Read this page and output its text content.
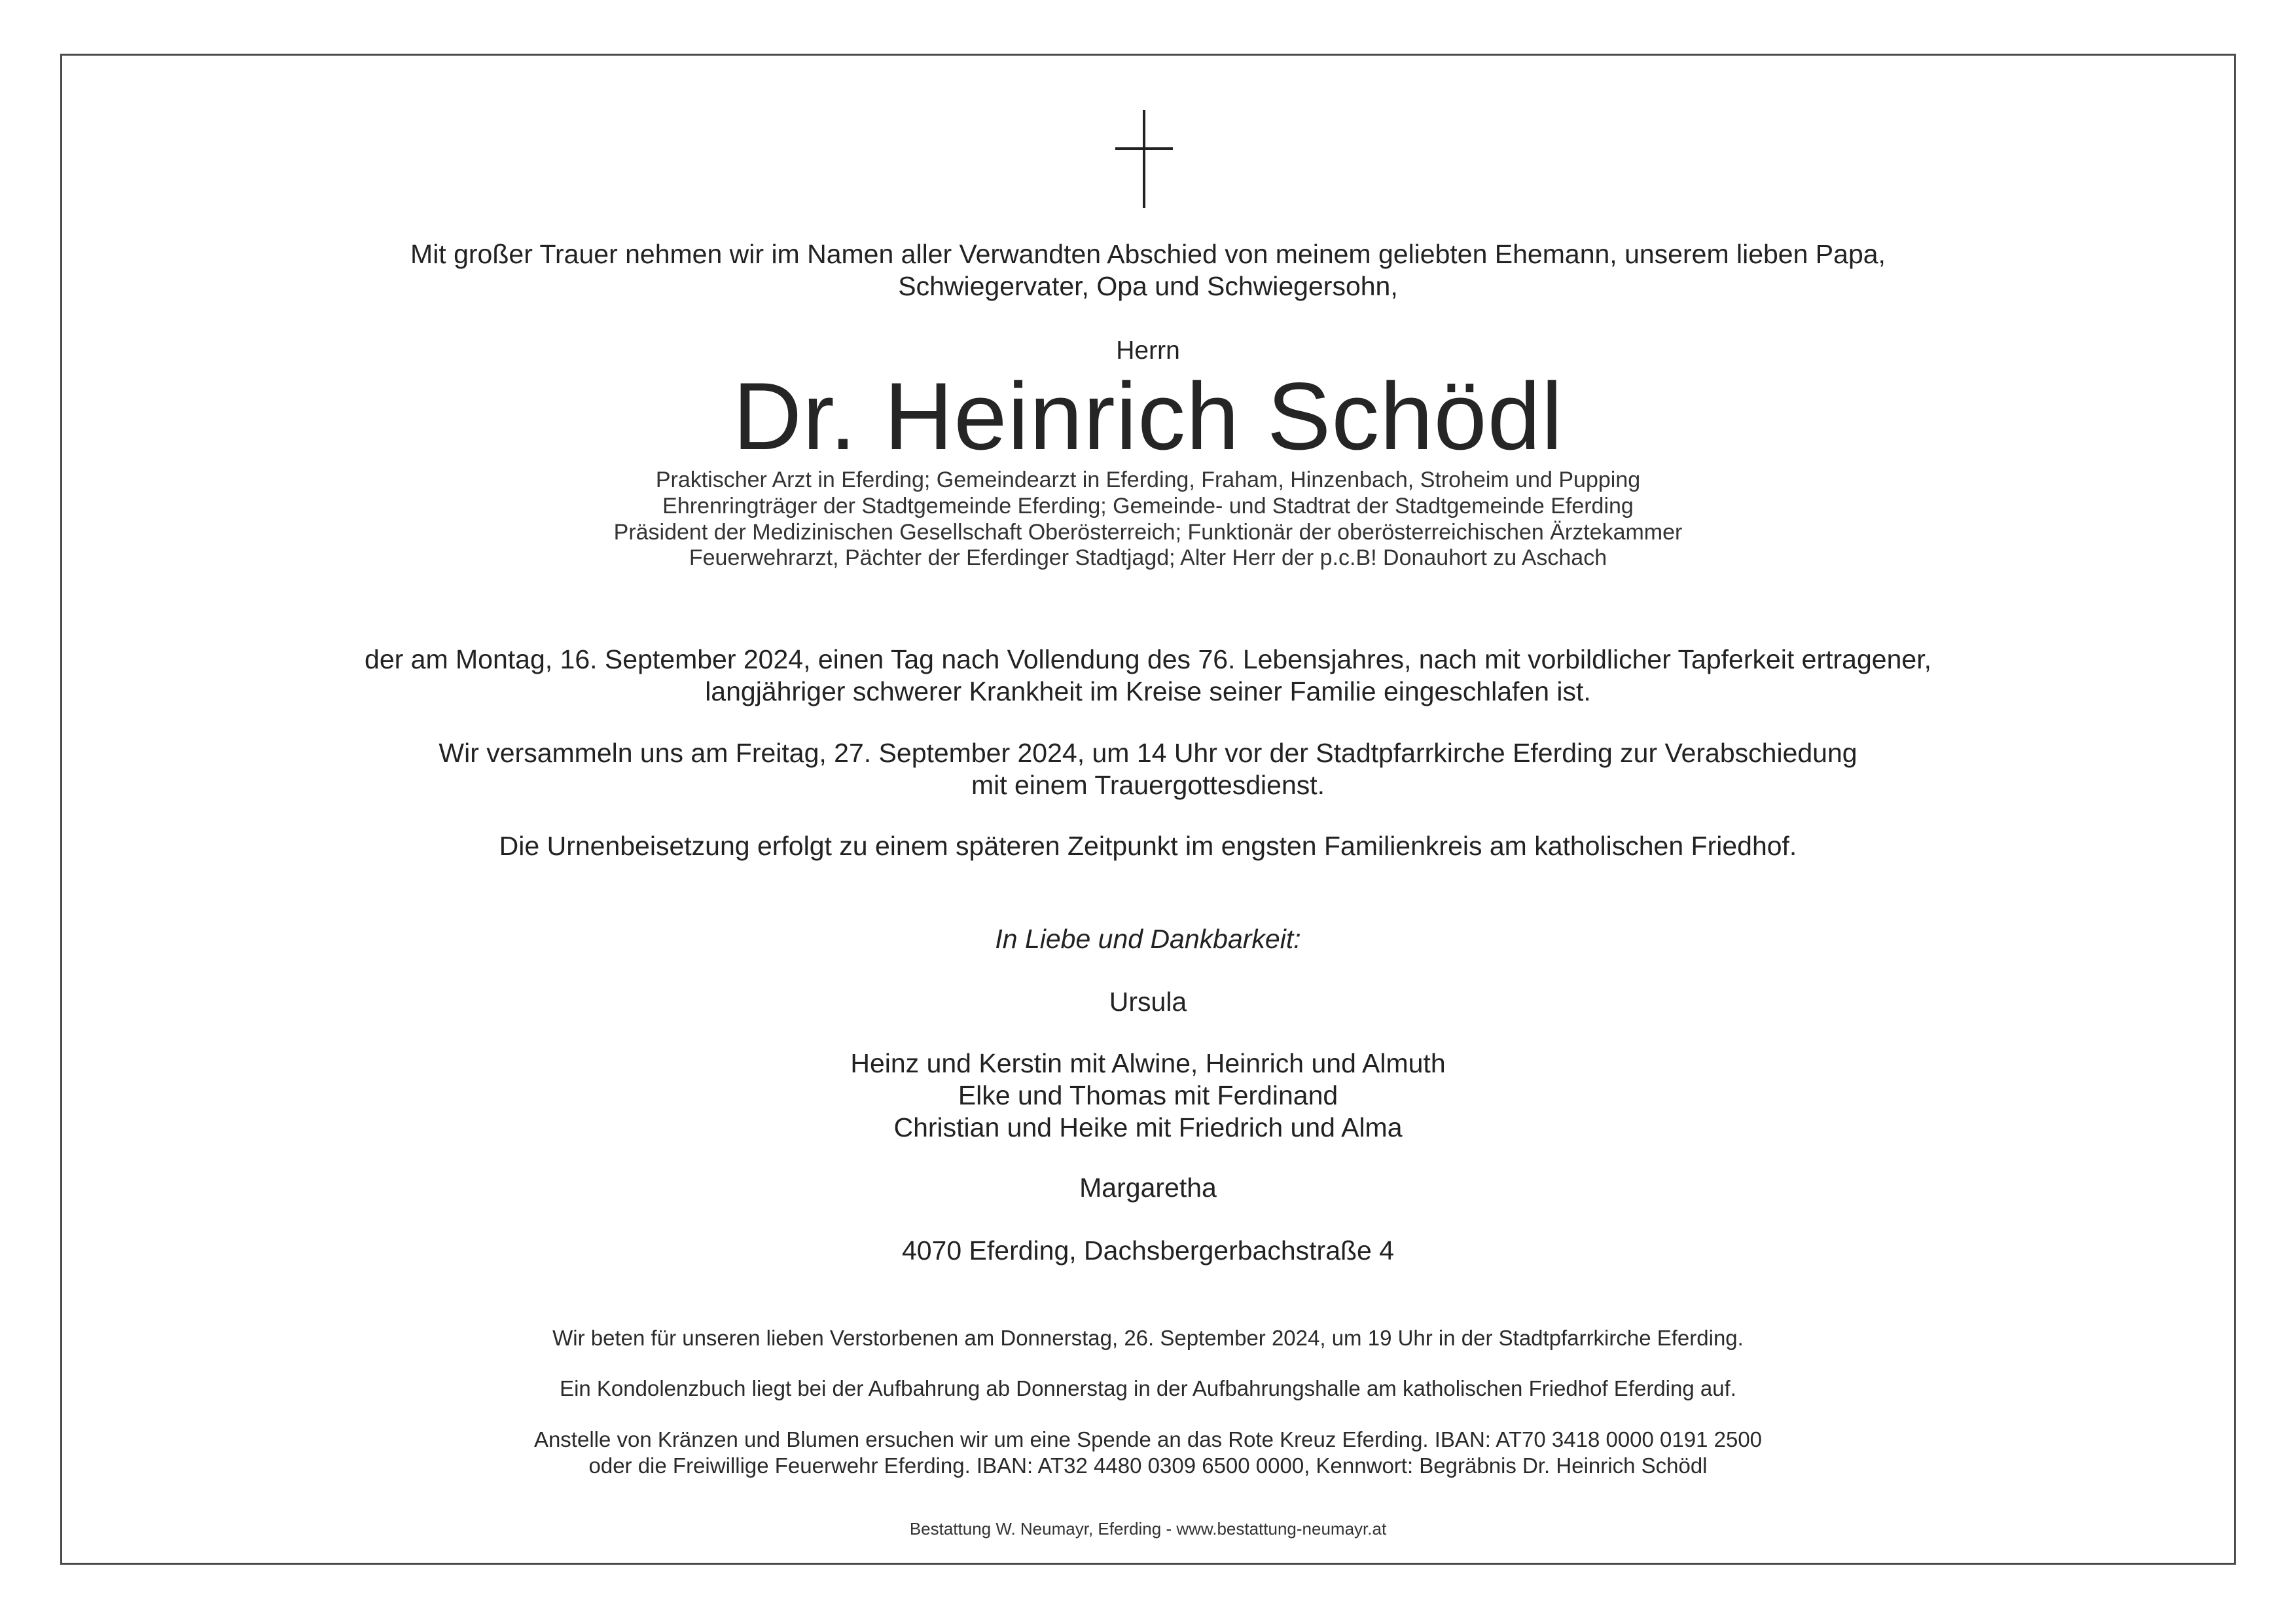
Mit großer Trauer nehmen wir im Namen aller Verwandten Abschied von meinem geliebten Ehemann, unserem lieben Papa,
Schwiegervater, Opa und Schwiegersohn,
Herrn
Dr. Heinrich Schödl
Praktischer Arzt in Eferding; Gemeindearzt in Eferding, Fraham, Hinzenbach, Stroheim und Pupping
Ehrenringträger der Stadtgemeinde Eferding; Gemeinde- und Stadtrat der Stadtgemeinde Eferding
Präsident der Medizinischen Gesellschaft Oberösterreich; Funktionär der oberösterreichischen Ärztekammer
Feuerwehrarzt, Pächter der Eferdinger Stadtjagd; Alter Herr der p.c.B! Donauhort zu Aschach
der am Montag, 16. September 2024, einen Tag nach Vollendung des 76. Lebensjahres, nach mit vorbildlicher Tapferkeit ertragener,
langjähriger schwerer Krankheit im Kreise seiner Familie eingeschlafen ist.
Wir versammeln uns am Freitag, 27. September 2024, um 14 Uhr vor der Stadtpfarrkirche Eferding zur Verabschiedung
mit einem Trauergottesdienst.
Die Urnenbeisetzung erfolgt zu einem späteren Zeitpunkt im engsten Familienkreis am katholischen Friedhof.
In Liebe und Dankbarkeit:
Ursula
Heinz und Kerstin mit Alwine, Heinrich und Almuth
Elke und Thomas mit Ferdinand
Christian und Heike mit Friedrich und Alma
Margaretha
4070 Eferding, Dachsbergerbachstraße 4
Wir beten für unseren lieben Verstorbenen am Donnerstag, 26. September 2024, um 19 Uhr in der Stadtpfarrkirche Eferding.
Ein Kondolenzbuch liegt bei der Aufbahrung ab Donnerstag in der Aufbahrungshalle am katholischen Friedhof Eferding auf.
Anstelle von Kränzen und Blumen ersuchen wir um eine Spende an das Rote Kreuz Eferding. IBAN: AT70 3418 0000 0191 2500
oder die Freiwillige Feuerwehr Eferding. IBAN: AT32 4480 0309 6500 0000, Kennwort: Begräbnis Dr. Heinrich Schödl
Bestattung W. Neumayr, Eferding - www.bestattung-neumayr.at
